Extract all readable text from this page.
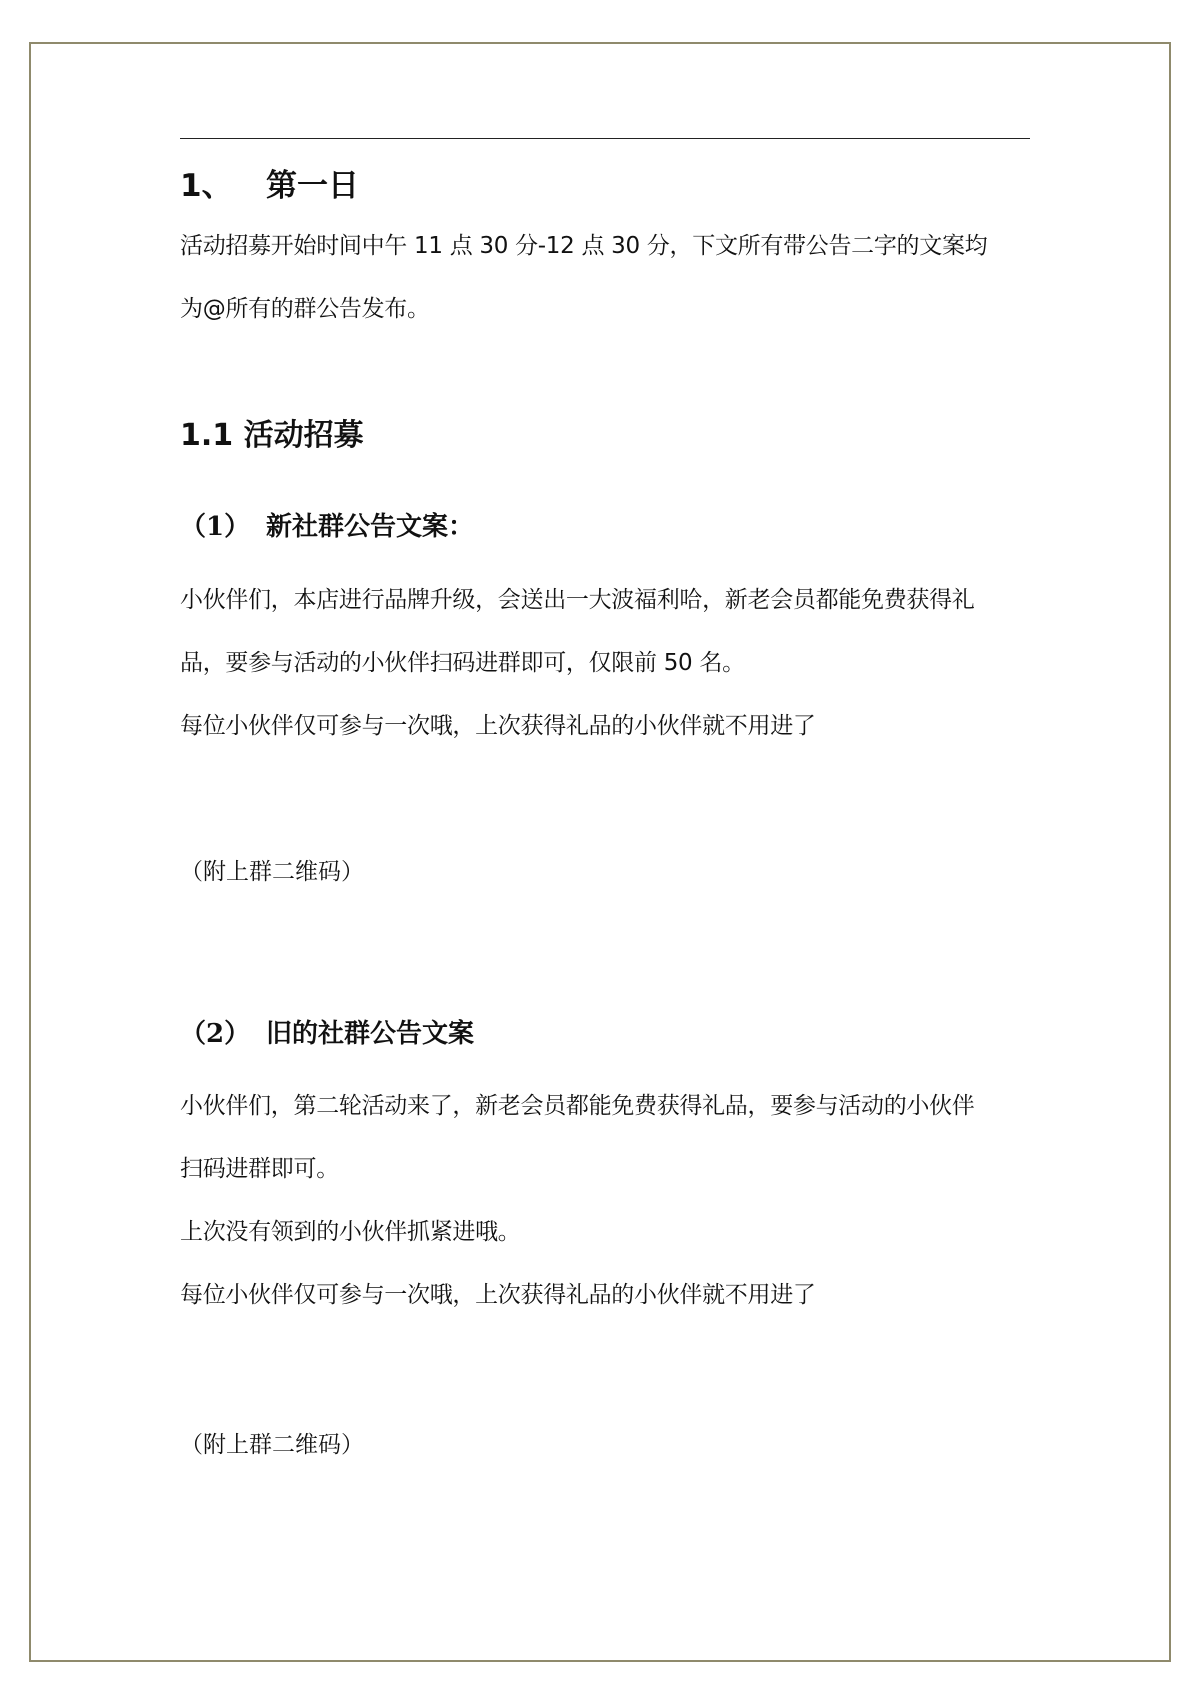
1、 第一日
活动招募开始时间中午 11 点 30 分-12 点 30 分，下文所有带公告二字的文案均
为@所有的群公告发布。
1.1 活动招募
（1） 新社群公告文案：
小伙伴们，本店进行品牌升级，会送出一大波福利哈，新老会员都能免费获得礼
品，要参与活动的小伙伴扫码进群即可，仅限前 50 名。
每位小伙伴仅可参与一次哦，上次获得礼品的小伙伴就不用进了
（附上群二维码）
（2） 旧的社群公告文案
小伙伴们，第二轮活动来了，新老会员都能免费获得礼品，要参与活动的小伙伴
扫码进群即可。
上次没有领到的小伙伴抓紧进哦。
每位小伙伴仅可参与一次哦，上次获得礼品的小伙伴就不用进了
（附上群二维码）
